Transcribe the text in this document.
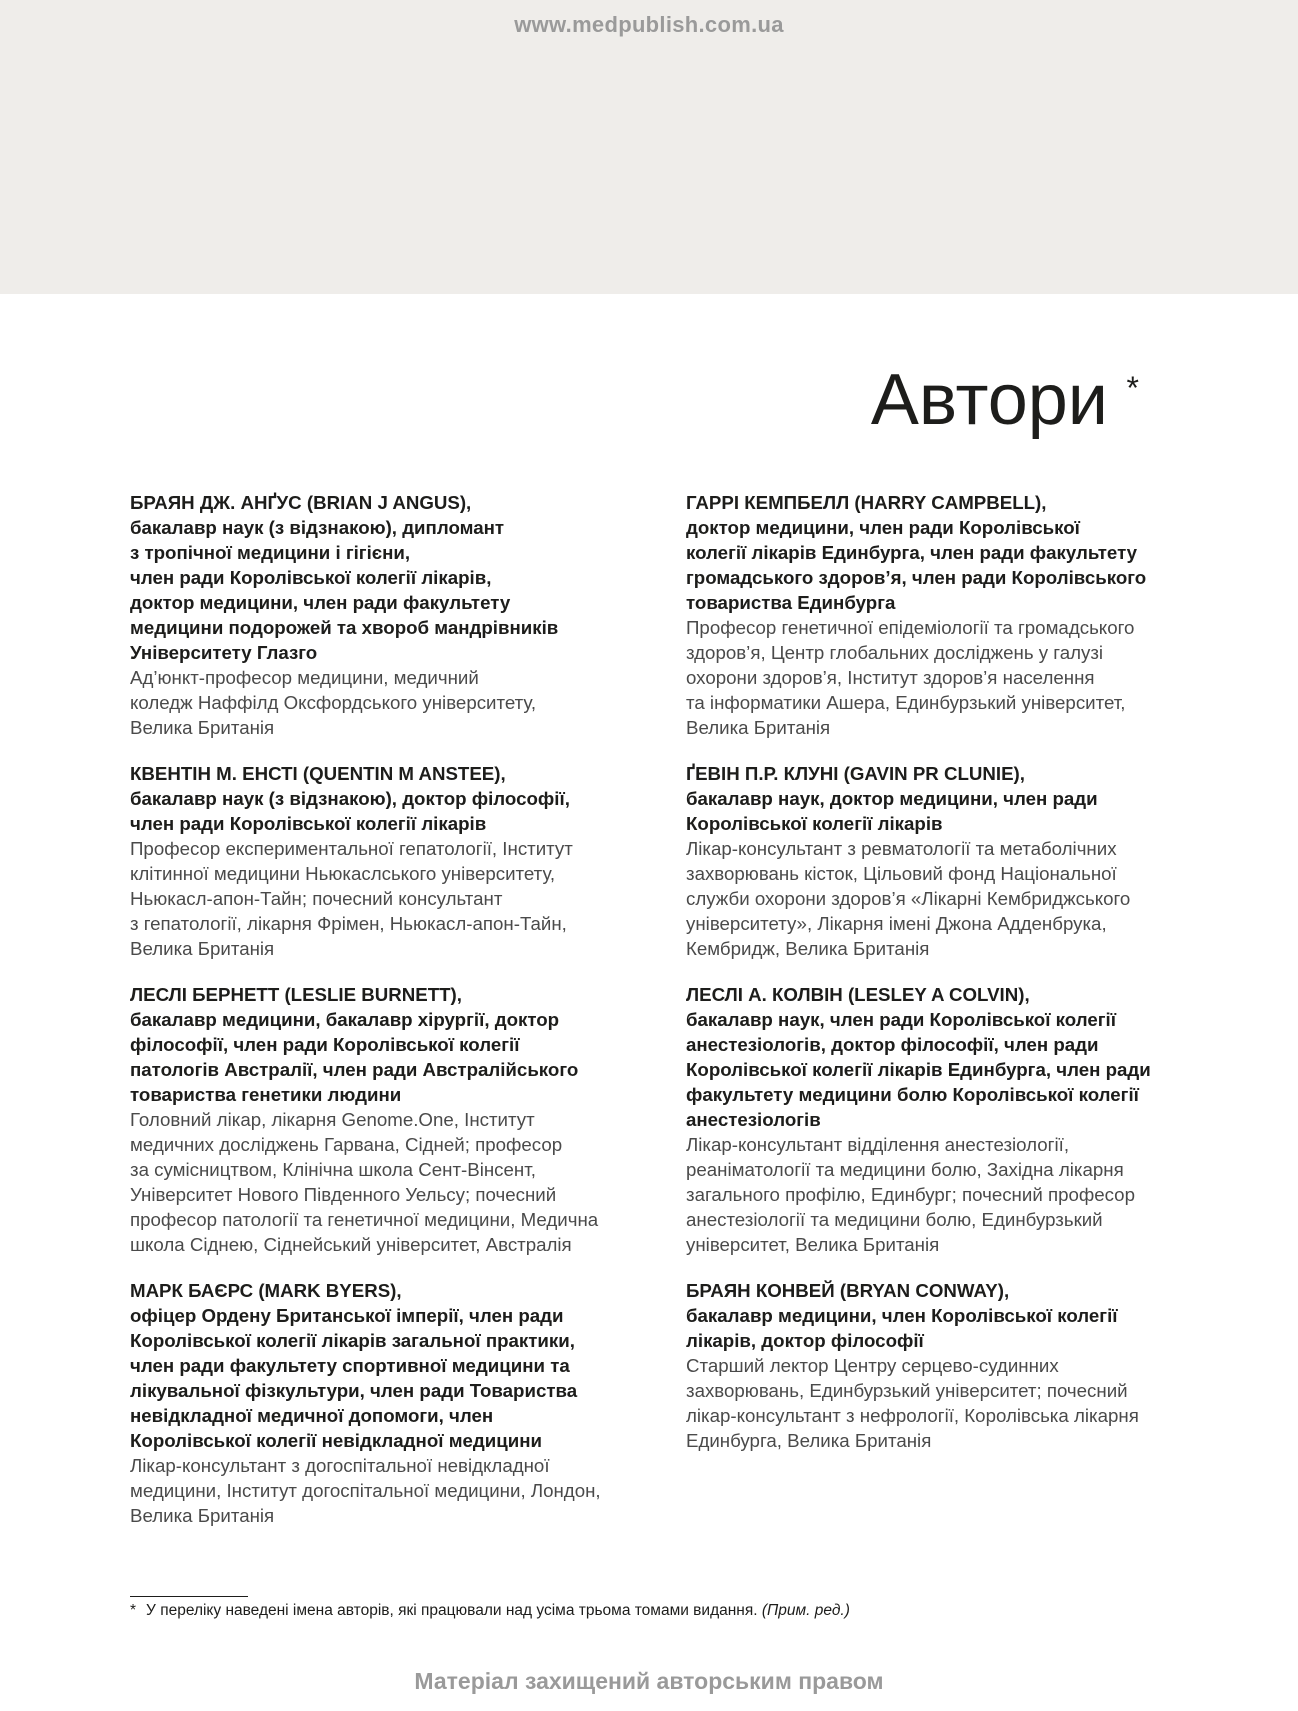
www.medpublish.com.ua
Автори *
БРАЯН ДЖ. АНҐУС (BRIAN J ANGUS),
бакалавр наук (з відзнакою), дипломант
з тропічної медицини і гігієни,
член ради Королівської колегії лікарів,
доктор медицини, член ради факультету
медицини подорожей та хвороб мандрівників
Університету Глазго
Ад’юнкт-професор медицини, медичний
коледж Наффілд Оксфордського університету,
Велика Британія
КВЕНТІН М. ЕНСТІ (QUENTIN M ANSTEE),
бакалавр наук (з відзнакою), доктор філософії,
член ради Королівської колегії лікарів
Професор експериментальної гепатології, Інститут
клітинної медицини Ньюкаслського університету,
Ньюкасл-апон-Тайн; почесний консультант
з гепатології, лікарня Фрімен, Ньюкасл-апон-Тайн,
Велика Британія
ЛЕСЛІ БЕРНЕТТ (LESLIE BURNETT),
бакалавр медицини, бакалавр хірургії, доктор
філософії, член ради Королівської колегії
патологів Австралії, член ради Австралійського
товариства генетики людини
Головний лікар, лікарня Genome.One, Інститут
медичних досліджень Гарвана, Сідней; професор
за сумісництвом, Клінічна школа Сент-Вінсент,
Університет Нового Південного Уельсу; почесний
професор патології та генетичної медицини, Медична
школа Сіднею, Сіднейський університет, Австралія
МАРК БАЄРС (MARK BYERS),
офіцер Ордену Британської імперії, член ради
Королівської колегії лікарів загальної практики,
член ради факультету спортивної медицини та
лікувальної фізкультури, член ради Товариства
невідкладної медичної допомоги, член
Королівської колегії невідкладної медицини
Лікар-консультант з догоспітальної невідкладної
медицини, Інститут догоспітальної медицини, Лондон,
Велика Британія
ГАРРІ КЕМПБЕЛЛ (HARRY CAMPBELL),
доктор медицини, член ради Королівської
колегії лікарів Единбурга, член ради факультету
громадського здоров’я, член ради Королівського
товариства Единбурга
Професор генетичної епідеміології та громадського
здоров’я, Центр глобальних досліджень у галузі
охорони здоров’я, Інститут здоров’я населення
та інформатики Ашера, Единбурзький університет,
Велика Британія
ҐЕВІН П.Р. КЛУНІ (GAVIN PR CLUNIE),
бакалавр наук, доктор медицини, член ради
Королівської колегії лікарів
Лікар-консультант з ревматології та метаболічних
захворювань кісток, Цільовий фонд Національної
служби охорони здоров’я «Лікарні Кембриджського
університету», Лікарня імені Джона Адденбрука,
Кембридж, Велика Британія
ЛЕСЛІ А. КОЛВІН (LESLEY A COLVIN),
бакалавр наук, член ради Королівської колегії
анестезіологів, доктор філософії, член ради
Королівської колегії лікарів Единбурга, член ради
факультету медицини болю Королівської колегії
анестезіологів
Лікар-консультант відділення анестезіології,
реаніматології та медицини болю, Західна лікарня
загального профілю, Единбург; почесний професор
анестезіології та медицини болю, Единбурзький
університет, Велика Британія
БРАЯН КОНВЕЙ (BRYAN CONWAY),
бакалавр медицини, член Королівської колегії
лікарів, доктор філософії
Старший лектор Центру серцево-судинних
захворювань, Единбурзький університет; почесний
лікар-консультант з нефрології, Королівська лікарня
Единбурга, Велика Британія
* У переліку наведені імена авторів, які працювали над усіма трьома томами видання. (Прим. ред.)
Матеріал захищений авторським правом
